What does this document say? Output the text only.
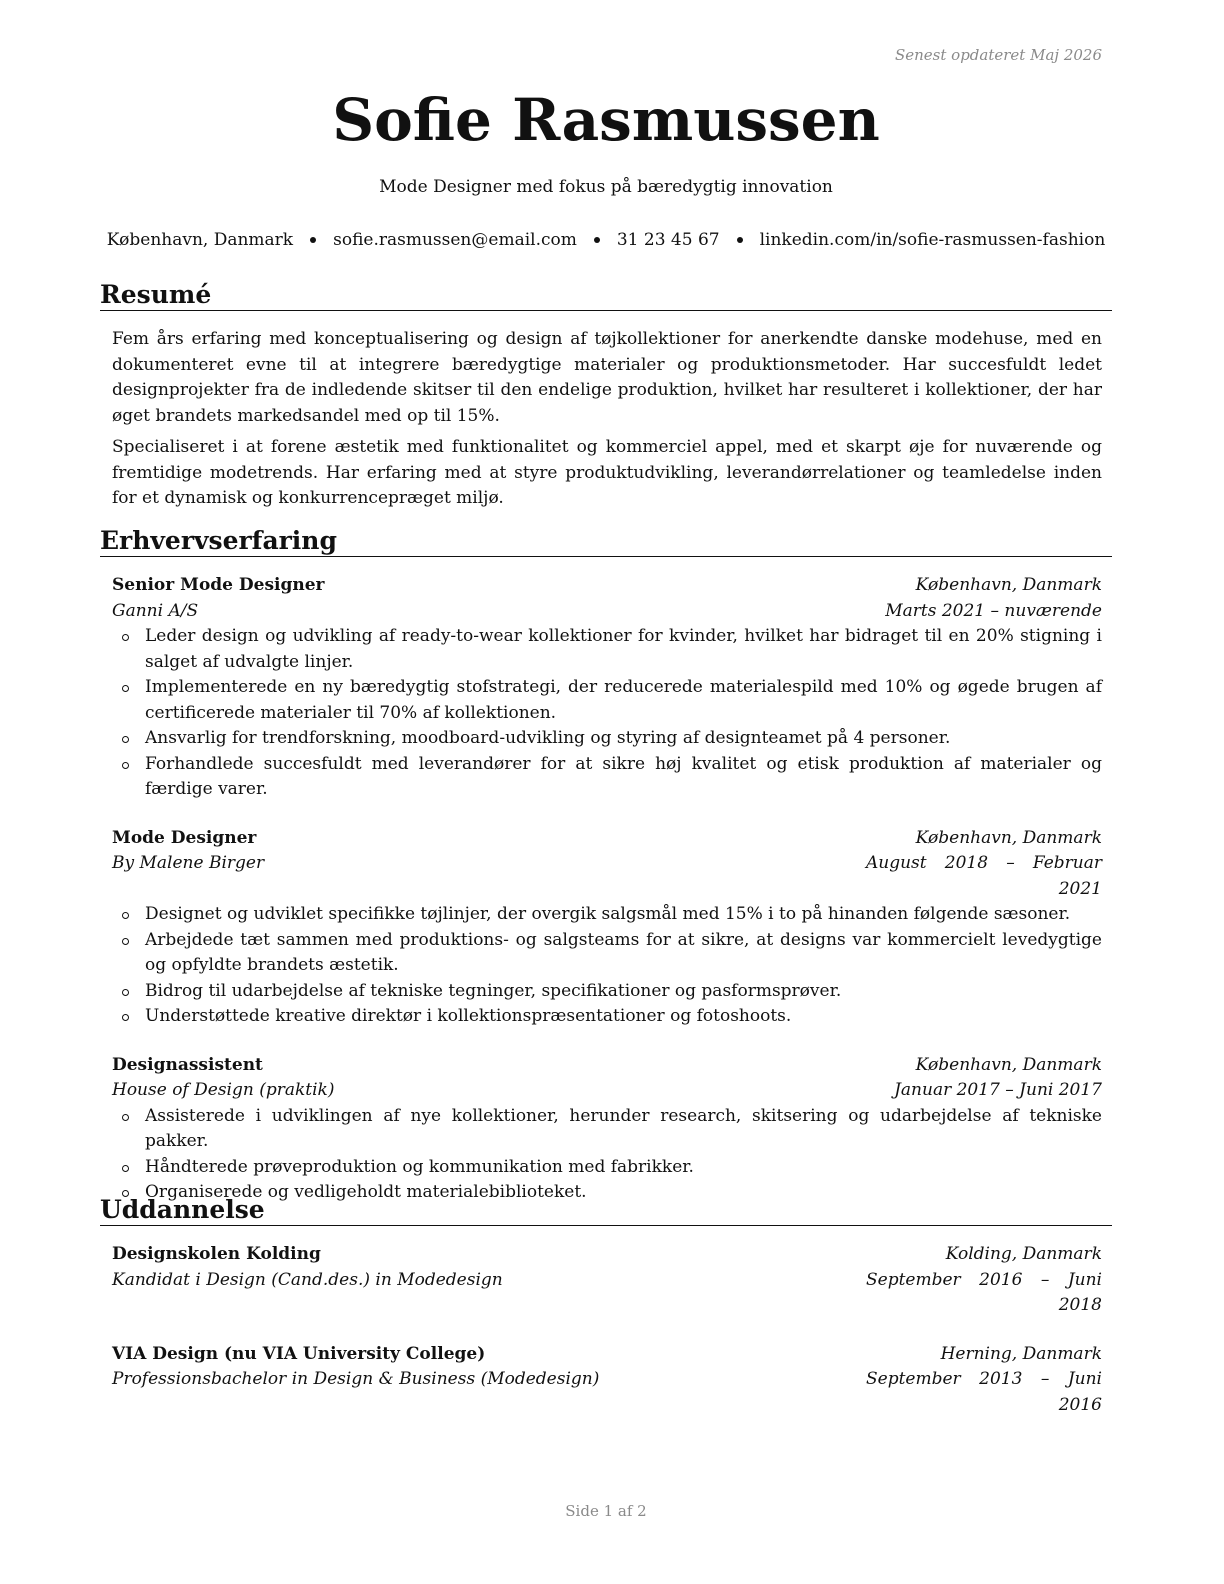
Senest opdateret Maj 2026
Sofie Rasmussen
Mode Designer med fokus på bæredygtig innovation
København, Danmark sofie.rasmussen@email.com 31 23 45 67 linkedin.com/in/sofie-rasmussen-fashion
Resumé

Fem års erfaring med konceptualisering og design af tøjkollektioner for anerkendte danske modehuse, med en dokumenteret evne til at integrere bæredygtige materialer og produktionsmetoder. Har succesfuldt ledet designprojekter fra de indledende skitser til den endelige produktion, hvilket har resulteret i kollektioner, der har øget brandets markedsandel med op til 15%.

Specialiseret i at forene æstetik med funktionalitet og kommerciel appel, med et skarpt øje for nuværende og fremtidige modetrends. Har erfaring med at styre produktudvikling, leverandørrelationer og teamledelse inden for et dynamisk og konkurrencepræget miljø.

Erhvervserfaring
Senior Mode Designer	København, Danmark
Ganni A/S	Marts 2021 – nuværende
Leder design og udvikling af ready-to-wear kollektioner for kvinder, hvilket har bidraget til en 20% stigning i salget af udvalgte linjer.
Implementerede en ny bæredygtig stofstrategi, der reducerede materialespild med 10% og øgede brugen af certificerede materialer til 70% af kollektionen.
Ansvarlig for trendforskning, moodboard-udvikling og styring af designteamet på 4 personer.
Forhandlede succesfuldt med leverandører for at sikre høj kvalitet og etisk produktion af materialer og færdige varer.
Mode Designer	København, Danmark
By Malene Birger	August 2018 – Februar 2021
Designet og udviklet specifikke tøjlinjer, der overgik salgsmål med 15% i to på hinanden følgende sæsoner.
Arbejdede tæt sammen med produktions- og salgsteams for at sikre, at designs var kommercielt levedygtige og opfyldte brandets æstetik.
Bidrog til udarbejdelse af tekniske tegninger, specifikationer og pasformsprøver.
Understøttede kreative direktør i kollektionspræsentationer og fotoshoots.
Designassistent	København, Danmark
House of Design (praktik)	Januar 2017 – Juni 2017
Assisterede i udviklingen af nye kollektioner, herunder research, skitsering og udarbejdelse af tekniske pakker.
Håndterede prøveproduktion og kommunikation med fabrikker.
Organiserede og vedligeholdt materialebiblioteket.
Uddannelse
Designskolen Kolding	Kolding, Danmark
Kandidat i Design (Cand.des.) in Modedesign	September 2016 – Juni 2018
VIA Design (nu VIA University College)	Herning, Danmark
Professionsbachelor in Design & Business (Modedesign)	September 2013 – Juni 2016
Side 1 af 2
